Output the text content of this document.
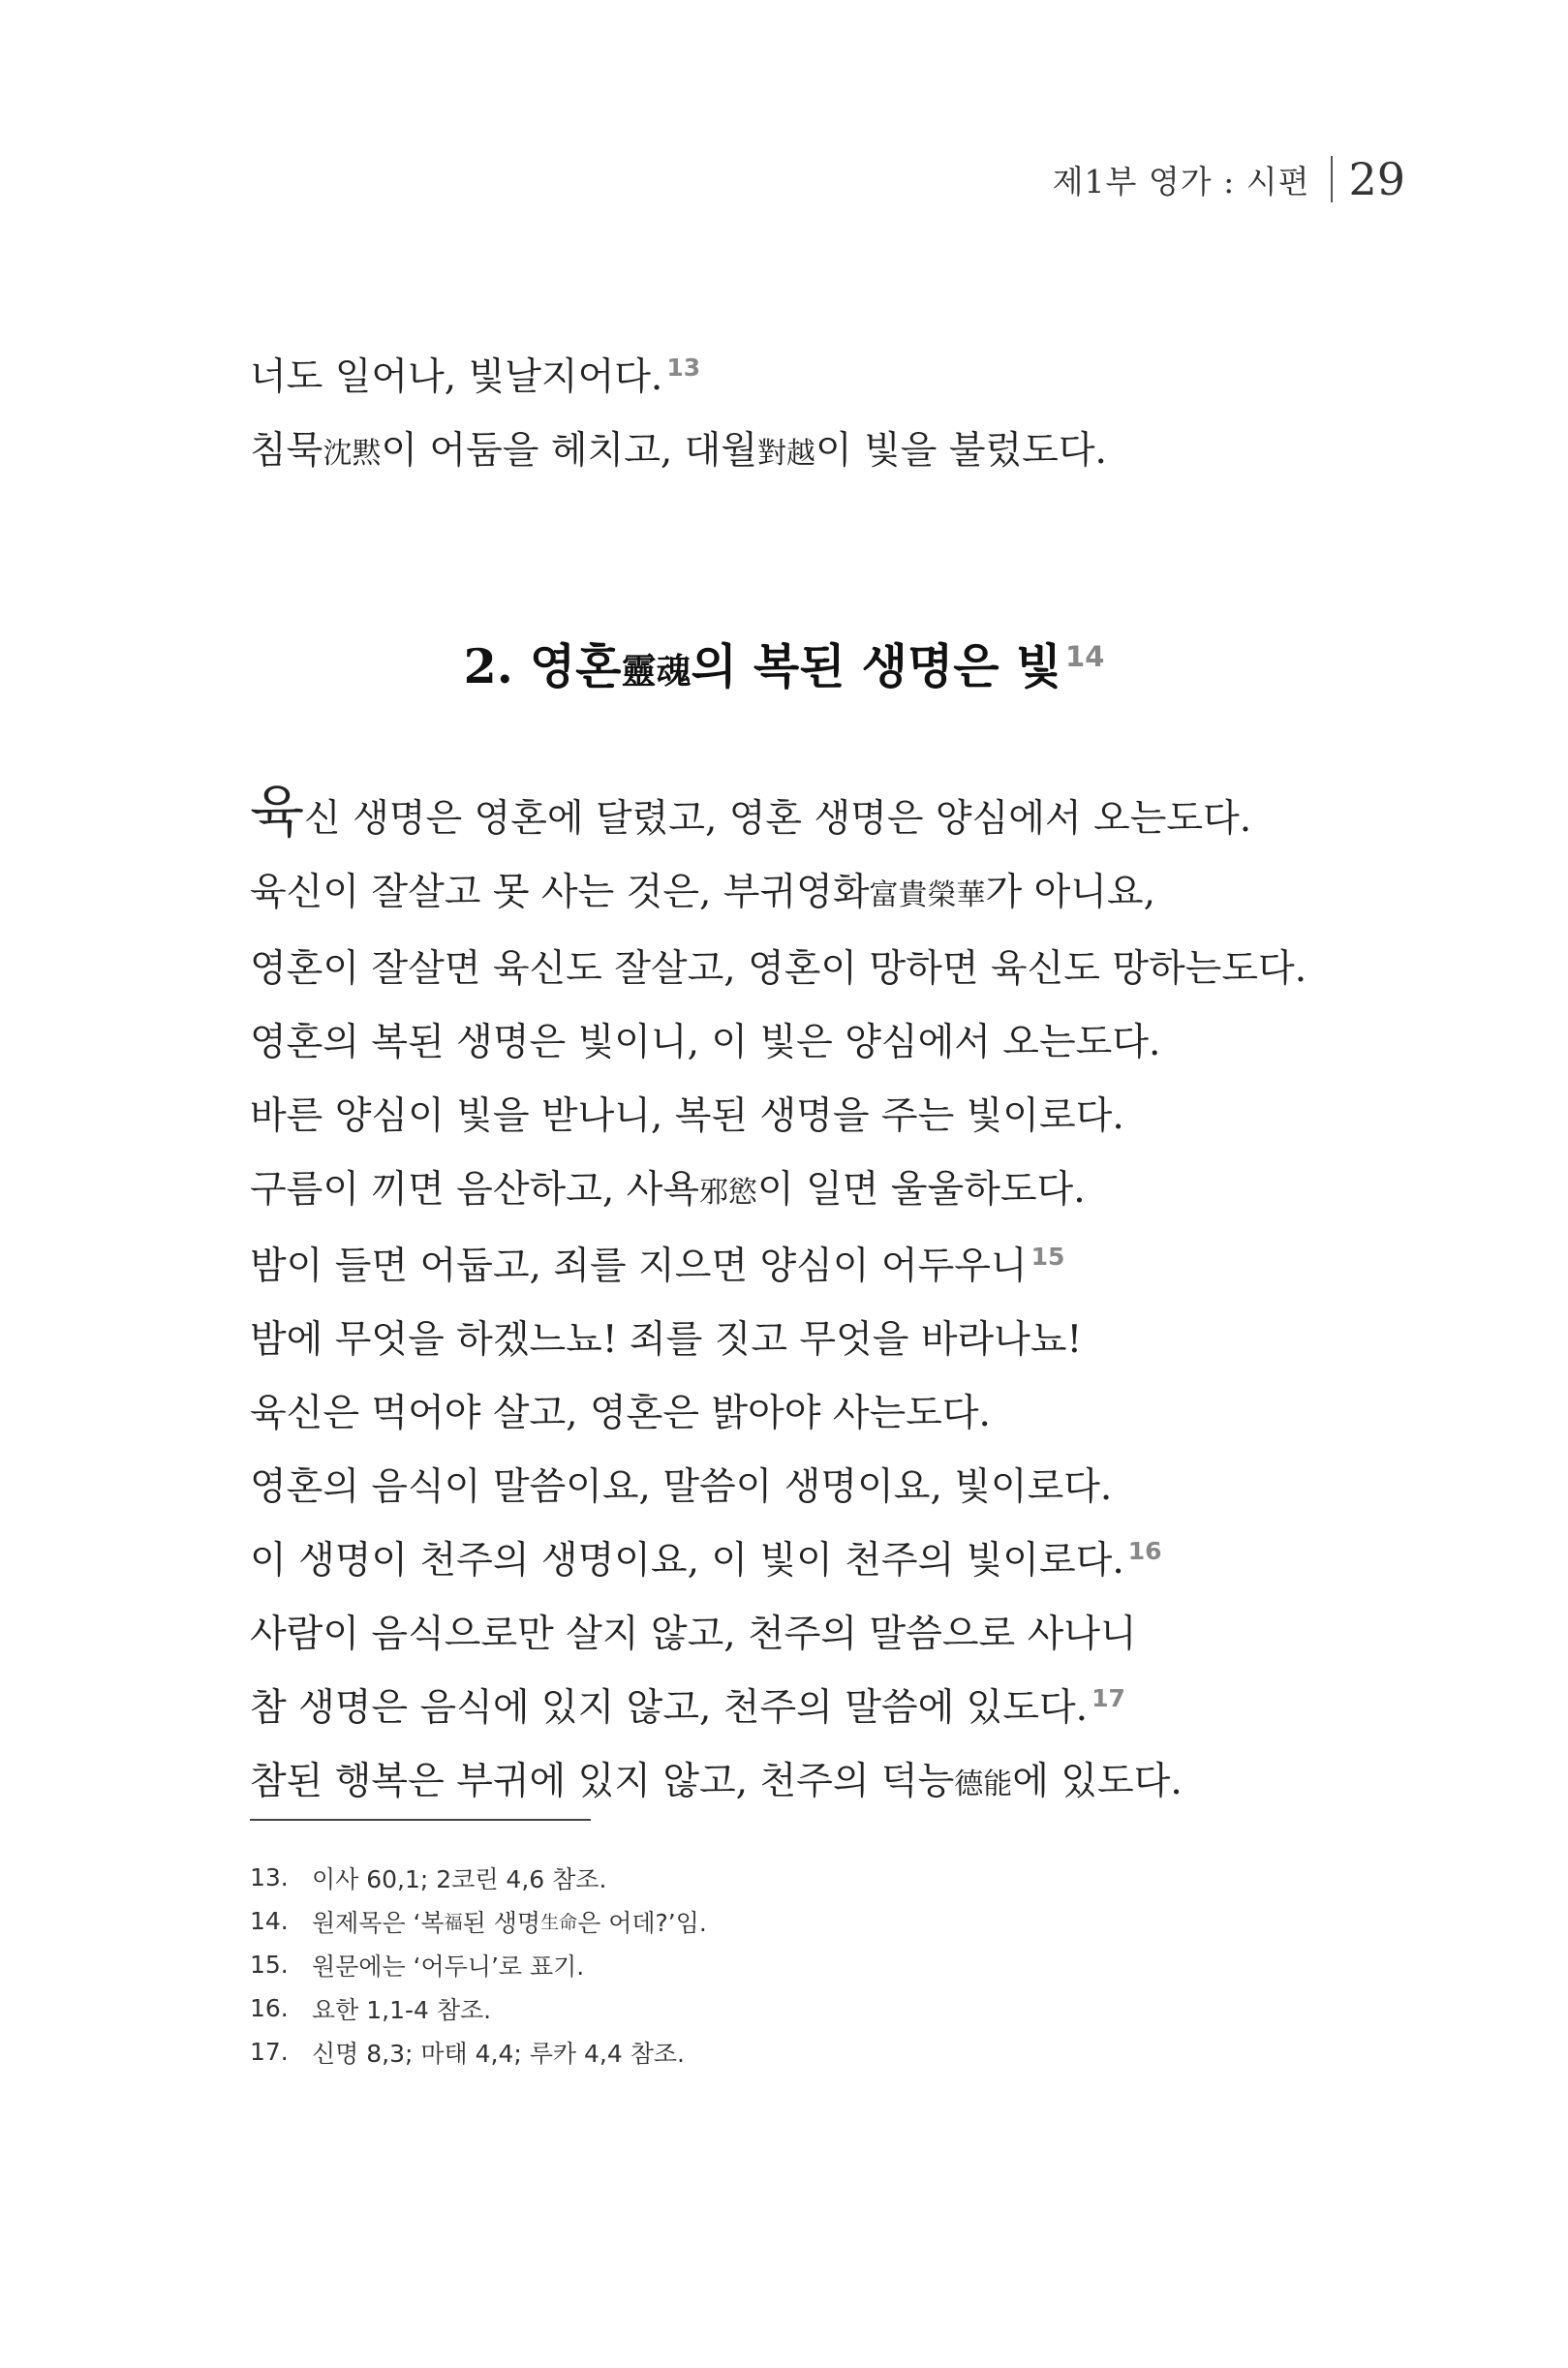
제1부 영가 : 시편 29
너도 일어나, 빛날지어다. $^{13}$
침묵沈黙이 어둠을 헤치고, 대월對越이 빛을 불렀도다.
2. 영혼靈魂의 복된 생명은 빛 $^{14}$
육신 생명은 영혼에 달렸고, 영혼 생명은 양심에서 오는도다.
육신이 잘살고 못 사는 것은, 부귀영화富貴榮華가 아니요,
영혼이 잘살면 육신도 잘살고, 영혼이 망하면 육신도 망하는도다.
영혼의 복된 생명은 빛이니, 이 빛은 양심에서 오는도다.
바른 양심이 빛을 받나니, 복된 생명을 주는 빛이로다.
구름이 끼면 음산하고, 사욕邪慾이 일면 울울하도다.
밤이 들면 어둡고, 죄를 지으면 양심이 어두우니 $^{15}$
밤에 무엇을 하겠느뇨! 죄를 짓고 무엇을 바라나뇨!
육신은 먹어야 살고, 영혼은 밝아야 사는도다.
영혼의 음식이 말씀이요, 말씀이 생명이요, 빛이로다.
이 생명이 천주의 생명이요, 이 빛이 천주의 빛이로다. $^{16}$
사람이 음식으로만 살지 않고, 천주의 말씀으로 사나니
참 생명은 음식에 있지 않고, 천주의 말씀에 있도다. $^{17}$
참된 행복은 부귀에 있지 않고, 천주의 덕능德能에 있도다.
13. 이사 60,1; 2코린 4,6 참조.
14. 원제목은 ‘복 福 된 생명 生命 은 어데?’임.
15. 원문에는 ‘어두니’로 표기.
16. 요한 1,1-4 참조.
17. 신명 8,3; 마태 4,4; 루카 4,4 참조.
